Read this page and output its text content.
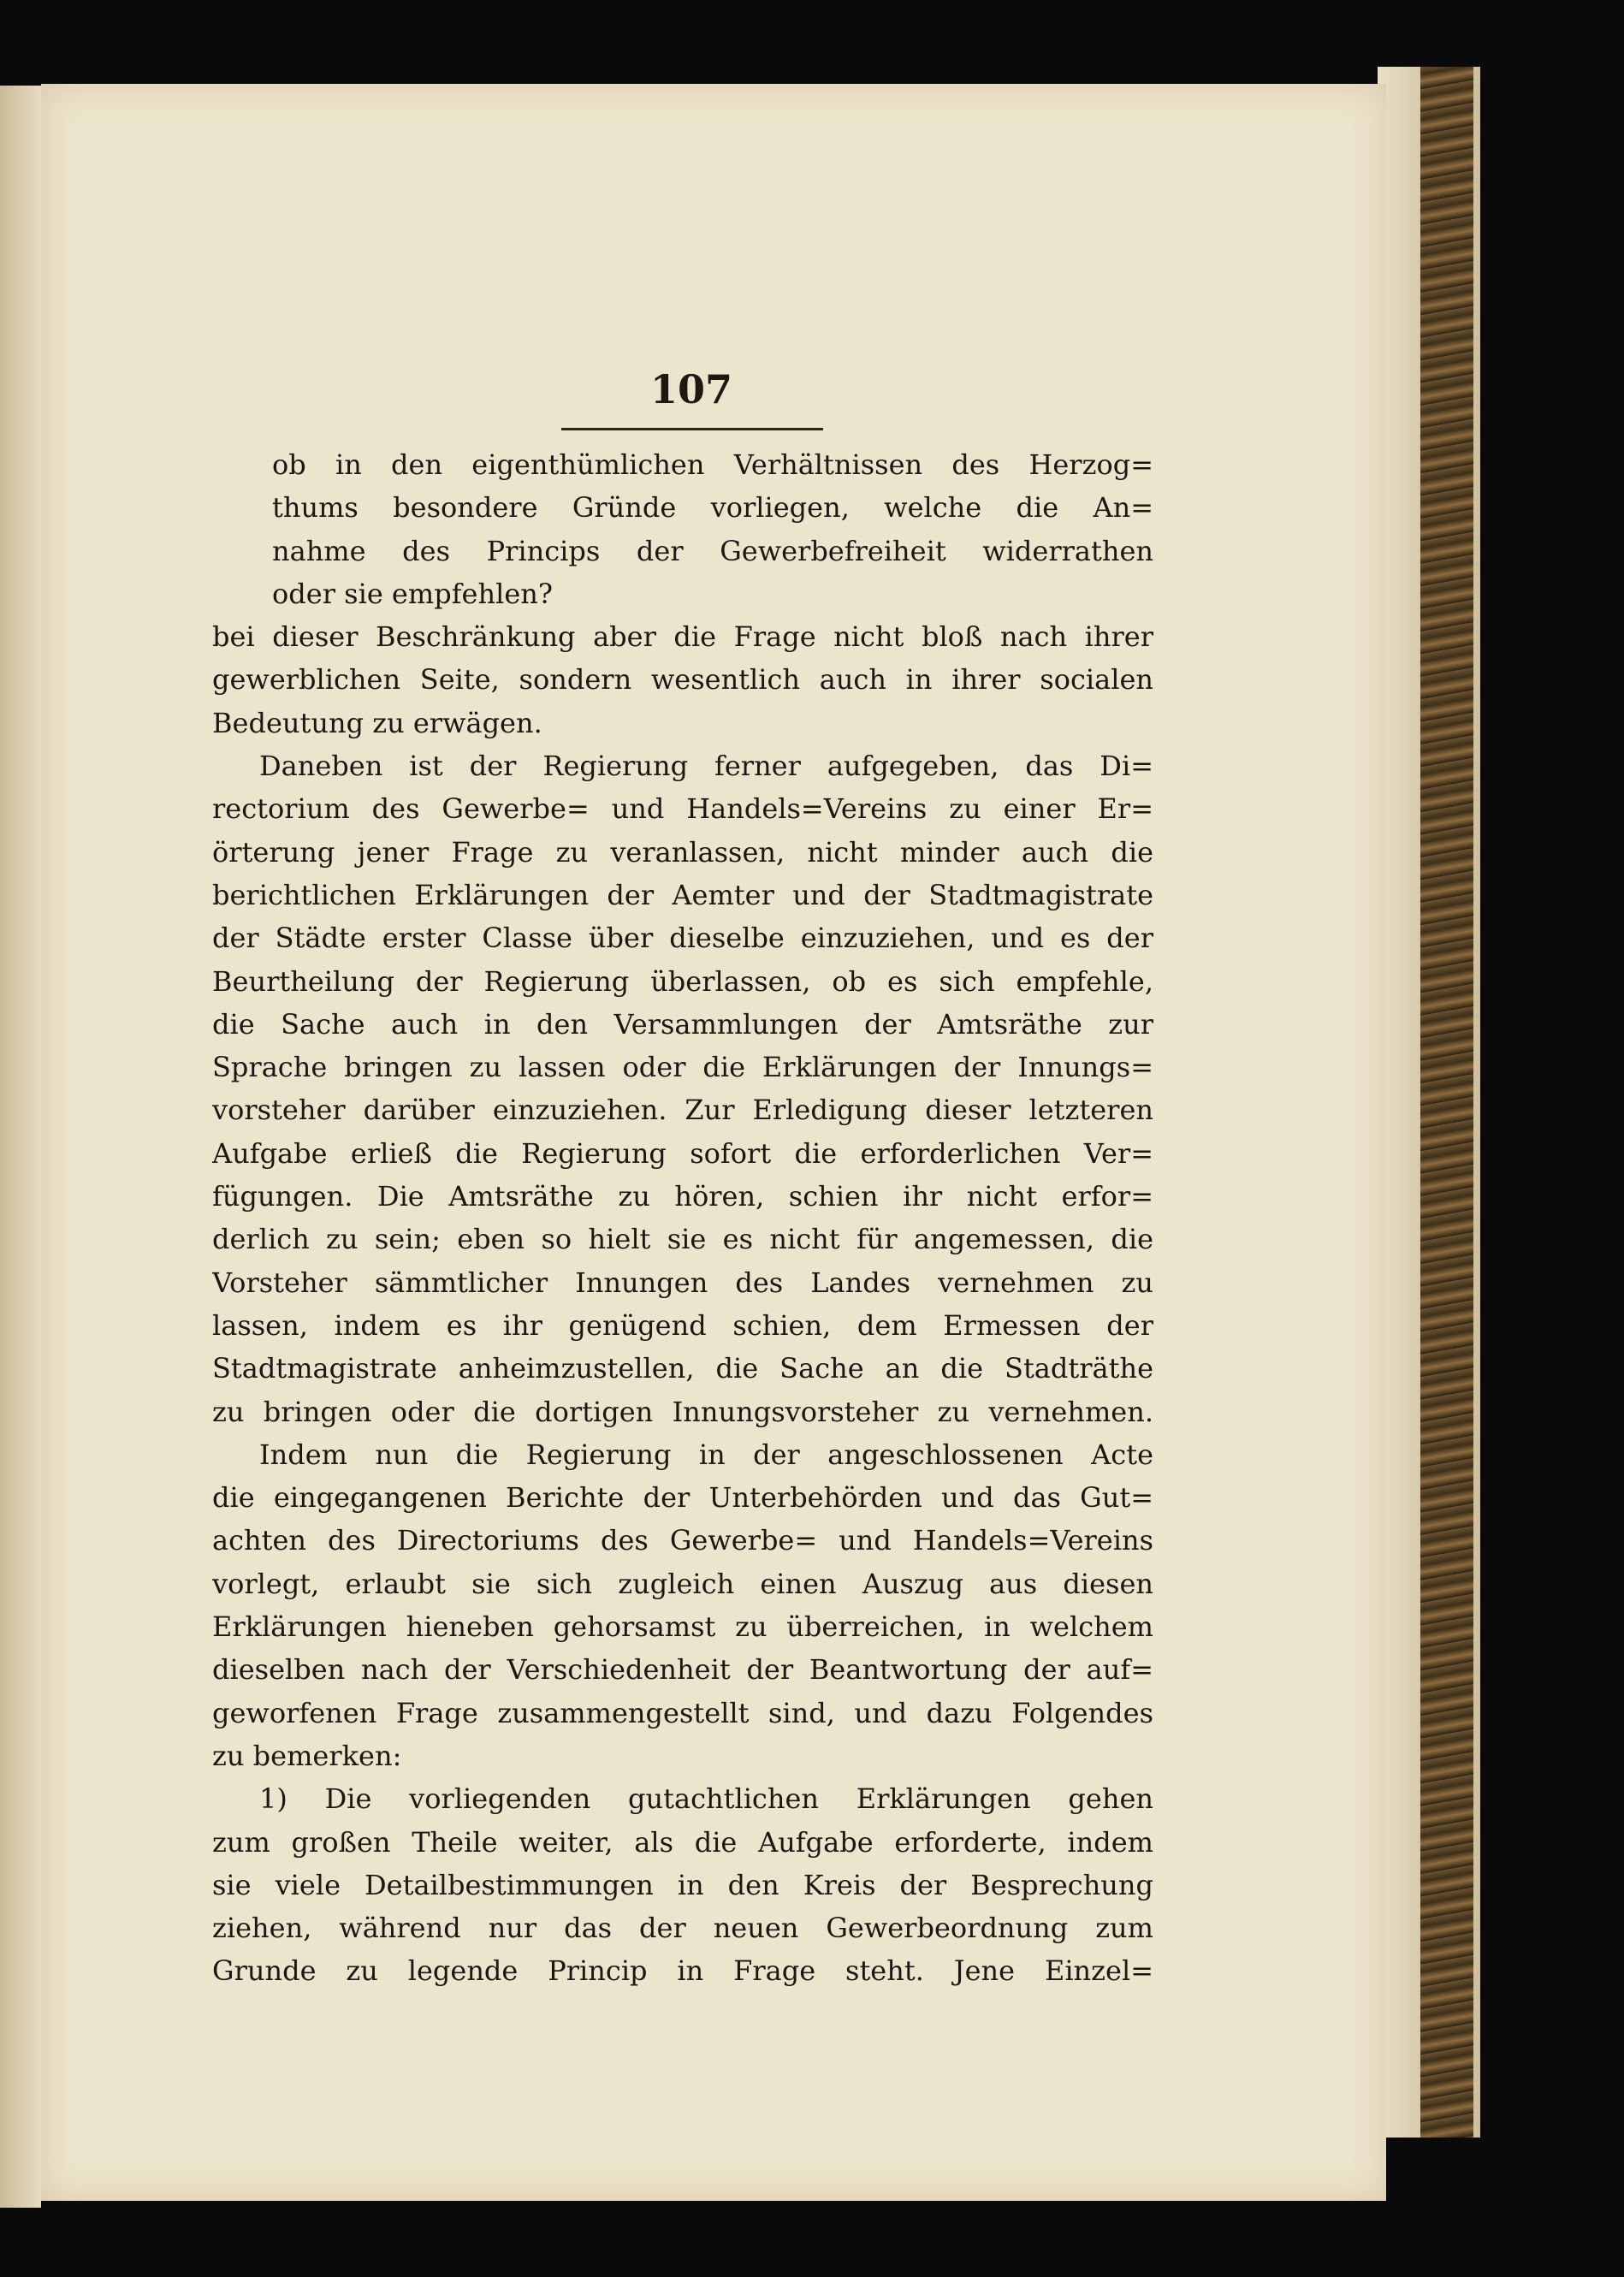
107
ob in den eigenthümlichen Verhältnissen des Herzog=
thums besondere Gründe vorliegen, welche die An=
nahme des Princips der Gewerbefreiheit widerrathen
oder sie empfehlen?
bei dieser Beschränkung aber die Frage nicht bloß nach ihrer
gewerblichen Seite, sondern wesentlich auch in ihrer socialen
Bedeutung zu erwägen.
Daneben ist der Regierung ferner aufgegeben, das Di=
rectorium des Gewerbe= und Handels=Vereins zu einer Er=
örterung jener Frage zu veranlassen, nicht minder auch die
berichtlichen Erklärungen der Aemter und der Stadtmagistrate
der Städte erster Classe über dieselbe einzuziehen, und es der
Beurtheilung der Regierung überlassen, ob es sich empfehle,
die Sache auch in den Versammlungen der Amtsräthe zur
Sprache bringen zu lassen oder die Erklärungen der Innungs=
vorsteher darüber einzuziehen. Zur Erledigung dieser letzteren
Aufgabe erließ die Regierung sofort die erforderlichen Ver=
fügungen. Die Amtsräthe zu hören, schien ihr nicht erfor=
derlich zu sein; eben so hielt sie es nicht für angemessen, die
Vorsteher sämmtlicher Innungen des Landes vernehmen zu
lassen, indem es ihr genügend schien, dem Ermessen der
Stadtmagistrate anheimzustellen, die Sache an die Stadträthe
zu bringen oder die dortigen Innungsvorsteher zu vernehmen.
Indem nun die Regierung in der angeschlossenen Acte
die eingegangenen Berichte der Unterbehörden und das Gut=
achten des Directoriums des Gewerbe= und Handels=Vereins
vorlegt, erlaubt sie sich zugleich einen Auszug aus diesen
Erklärungen hieneben gehorsamst zu überreichen, in welchem
dieselben nach der Verschiedenheit der Beantwortung der auf=
geworfenen Frage zusammengestellt sind, und dazu Folgendes
zu bemerken:
1) Die vorliegenden gutachtlichen Erklärungen gehen
zum großen Theile weiter, als die Aufgabe erforderte, indem
sie viele Detailbestimmungen in den Kreis der Besprechung
ziehen, während nur das der neuen Gewerbeordnung zum
Grunde zu legende Princip in Frage steht. Jene Einzel=
